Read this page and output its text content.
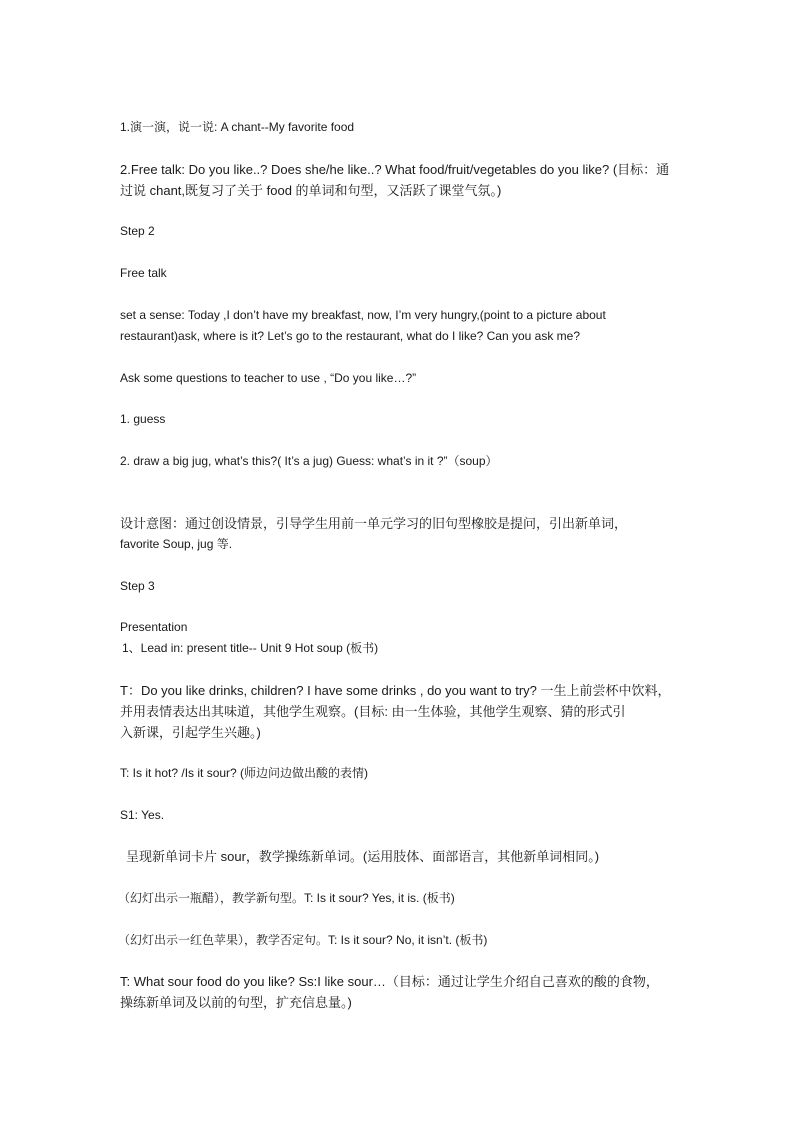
1.演一演，说一说: A chant--My favorite food
2.Free talk: Do you like..? Does she/he like..? What food/fruit/vegetables do you like? (目标：通
过说 chant,既复习了关于 food 的单词和句型，又活跃了课堂气氛。)
Step 2
Free talk
set a sense: Today ,I don’t have my breakfast, now, I’m very hungry,(point to a picture about
restaurant)ask, where is it? Let’s go to the restaurant, what do I like? Can you ask me?
Ask some questions to teacher to use , “Do you like…?”
1. guess
2. draw a big jug, what’s this?( It’s a jug) Guess: what’s in it ?”（soup）
设计意图：通过创设情景，引导学生用前一单元学习的旧句型橡胶是提问，引出新单词，
favorite Soup, jug 等.
Step 3
Presentation
1、Lead in: present title-- Unit 9 Hot soup (板书)
T：Do you like drinks, children? I have some drinks , do you want to try? 一生上前尝杯中饮料，
并用表情表达出其味道，其他学生观察。(目标: 由一生体验，其他学生观察、猜的形式引
入新课，引起学生兴趣。)
T: Is it hot? /Is it sour? (师边问边做出酸的表情)
S1: Yes.
呈现新单词卡片 sour，教学操练新单词。(运用肢体、面部语言，其他新单词相同。)
（幻灯出示一瓶醋），教学新句型。T: Is it sour? Yes, it is. (板书)
（幻灯出示一红色苹果），教学否定句。T: Is it sour? No, it isn’t. (板书)
T: What sour food do you like? Ss:I like sour…（目标：通过让学生介绍自己喜欢的酸的食物，
操练新单词及以前的句型，扩充信息量。)
